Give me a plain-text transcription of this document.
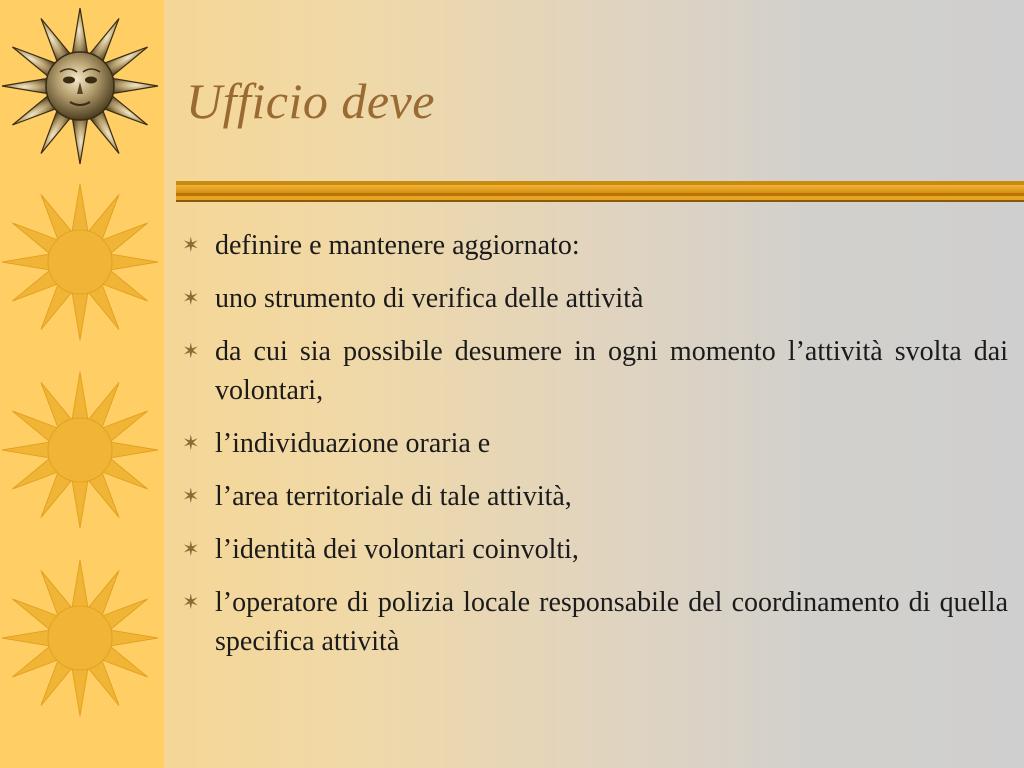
Ufficio deve
✶ definire e mantenere aggiornato:
✶ uno strumento di verifica delle attività
✶ da cui sia possibile desumere in ogni momento l’attività svolta dai volontari,
✶ l’individuazione oraria e
✶ l’area territoriale di tale attività,
✶ l’identità dei volontari coinvolti,
✶ l’operatore di polizia locale responsabile del coordinamento di quella specifica attività
